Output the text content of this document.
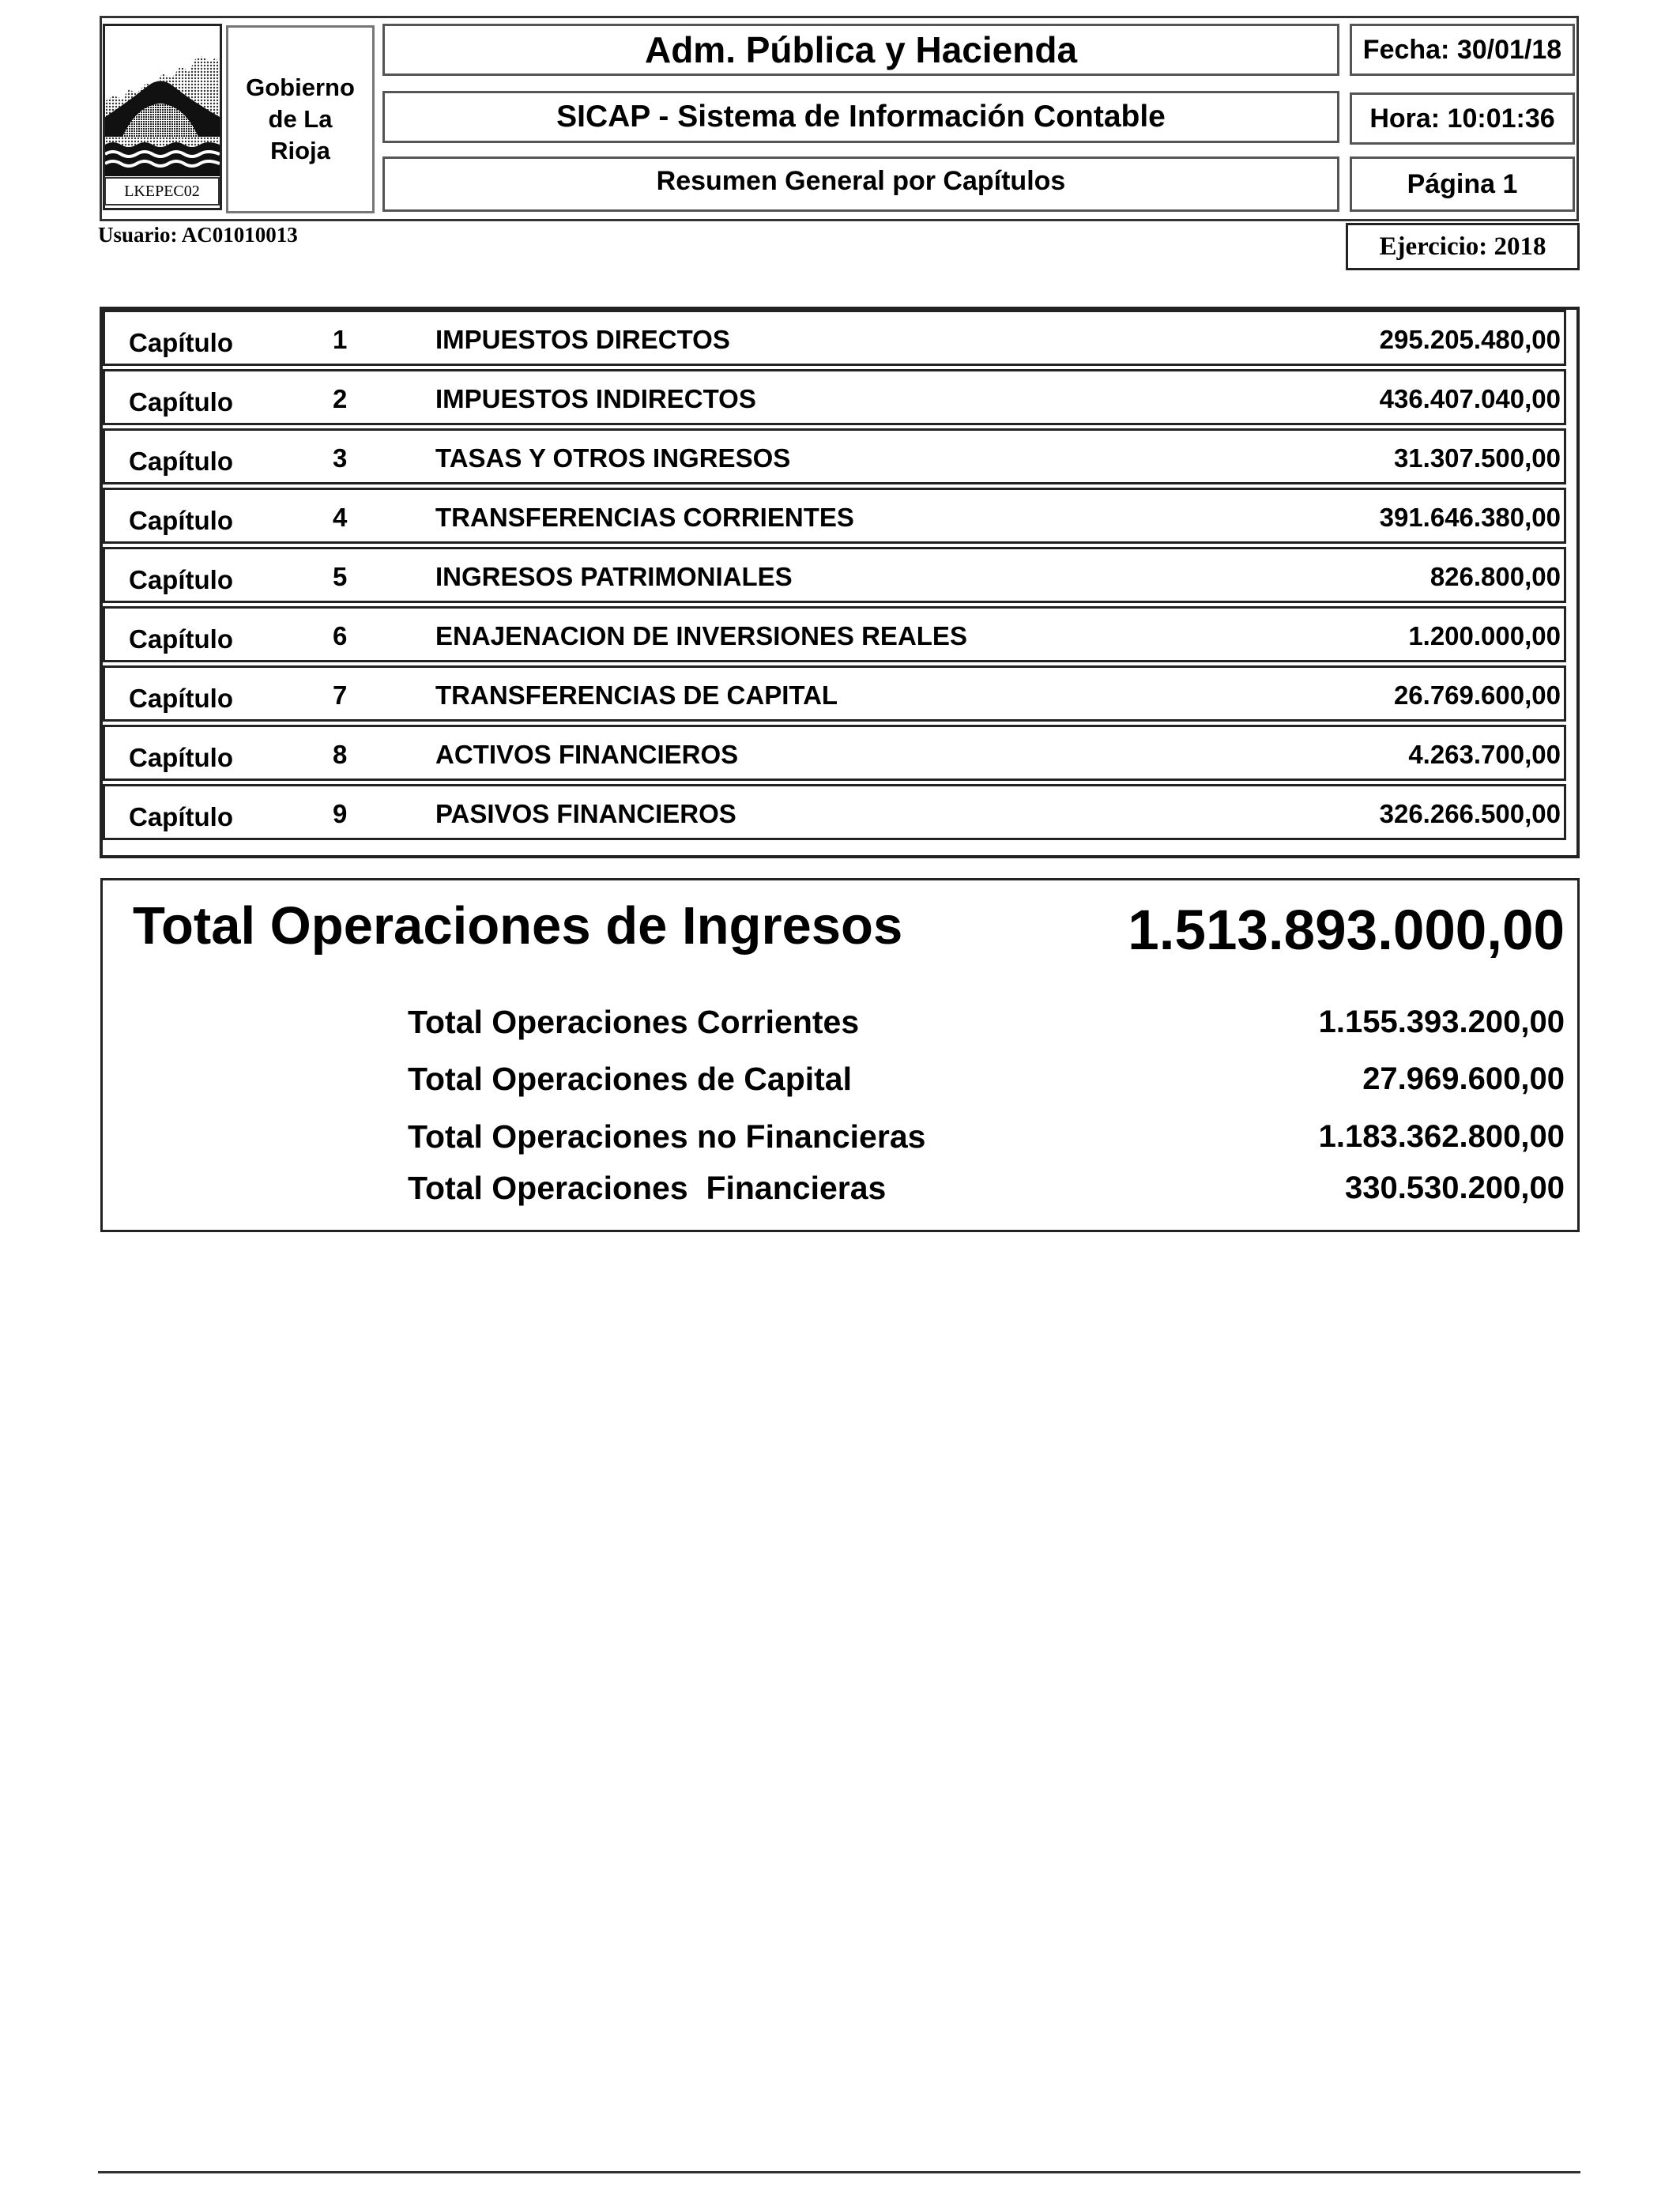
LKEPEC02
Gobierno
de La
Rioja
Adm. Pública y Hacienda
SICAP - Sistema de Información Contable
Resumen General por Capítulos
Fecha: 30/01/18
Hora: 10:01:36
Página 1
Usuario: AC01010013	Ejercicio: 2018
Capítulo	1	IMPUESTOS DIRECTOS	295.205.480,00
Capítulo	2	IMPUESTOS INDIRECTOS	436.407.040,00
Capítulo	3	TASAS Y OTROS INGRESOS	31.307.500,00
Capítulo	4	TRANSFERENCIAS CORRIENTES	391.646.380,00
Capítulo	5	INGRESOS PATRIMONIALES	826.800,00
Capítulo	6	ENAJENACION DE INVERSIONES REALES	1.200.000,00
Capítulo	7	TRANSFERENCIAS DE CAPITAL	26.769.600,00
Capítulo	8	ACTIVOS FINANCIEROS	4.263.700,00
Capítulo	9	PASIVOS FINANCIEROS	326.266.500,00
Total Operaciones de Ingresos	1.513.893.000,00
Total Operaciones Corrientes	1.155.393.200,00
Total Operaciones de Capital	27.969.600,00
Total Operaciones no Financieras	1.183.362.800,00
Total Operaciones  Financieras	330.530.200,00
